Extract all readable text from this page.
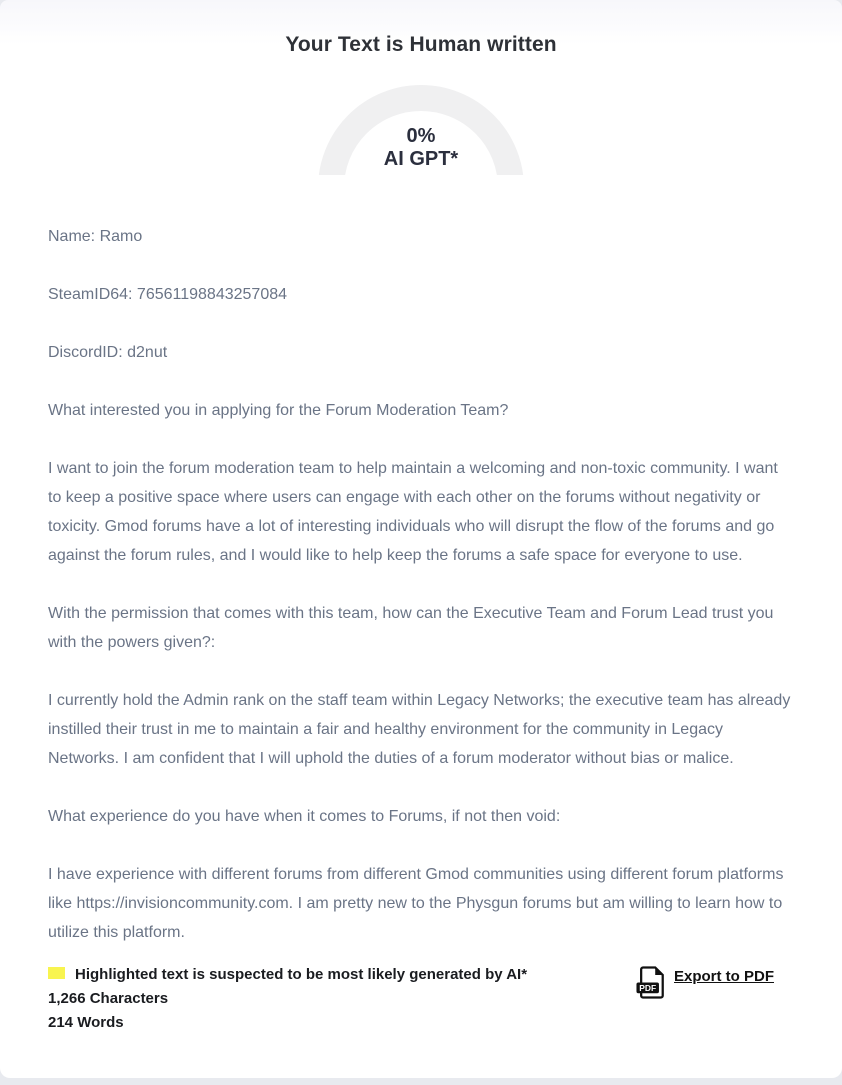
Your Text is Human written
0%
AI GPT*

Name: Ramo

SteamID64: 76561198843257084

DiscordID: d2nut

What interested you in applying for the Forum Moderation Team?

I want to join the forum moderation team to help maintain a welcoming and non-toxic community. I want to keep a positive space where users can engage with each other on the forums without negativity or toxicity. Gmod forums have a lot of interesting individuals who will disrupt the flow of the forums and go against the forum rules, and I would like to help keep the forums a safe space for everyone to use.

With the permission that comes with this team, how can the Executive Team and Forum Lead trust you with the powers given?:

I currently hold the Admin rank on the staff team within Legacy Networks; the executive team has already instilled their trust in me to maintain a fair and healthy environment for the community in Legacy Networks. I am confident that I will uphold the duties of a forum moderator without bias or malice.

What experience do you have when it comes to Forums, if not then void:

I have experience with different forums from different Gmod communities using different forum platforms like https://invisioncommunity.com. I am pretty new to the Physgun forums but am willing to learn how to utilize this platform.

Highlighted text is suspected to be most likely generated by AI*
1,266 Characters
214 Words
PDF
Export to PDF
